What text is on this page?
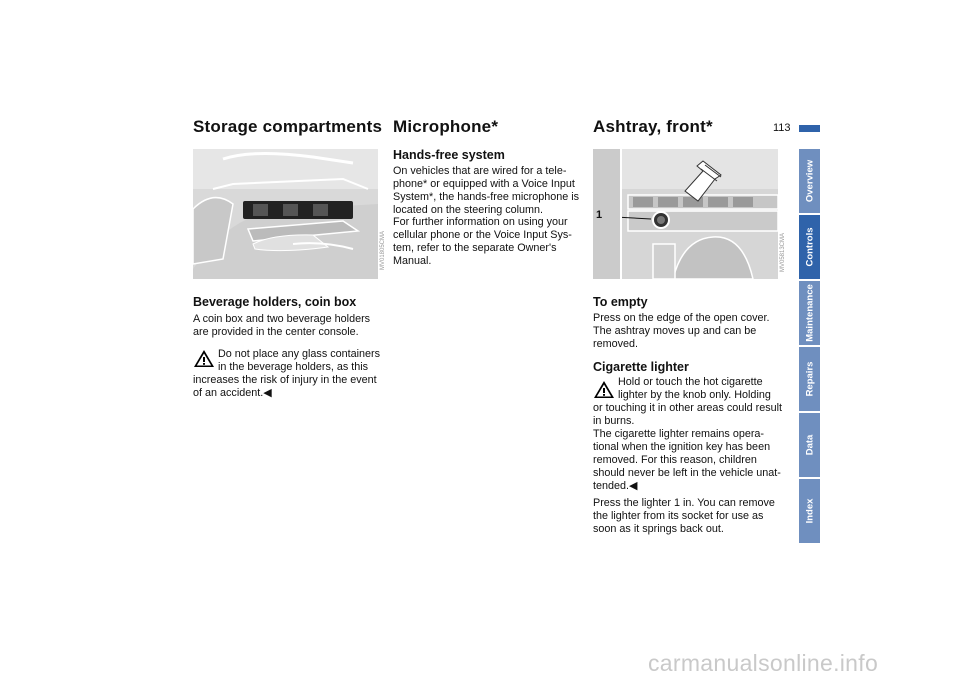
113
Storage compartments
MV01805CMA
Beverage holders, coin box

A coin box and two beverage holders

are provided in the center console.

Do not place any glass containers

in the beverage holders, as this

increases the risk of injury in the event

of an accident.◀

Microphone*
Hands-free system

On vehicles that are wired for a tele-

phone* or equipped with a Voice Input

System*, the hands-free microphone is

located on the steering column.

For further information on using your

cellular phone or the Voice Input Sys-

tem, refer to the separate Owner's

Manual.

Ashtray, front*
1
MV05813CMA
To empty

Press on the edge of the open cover.

The ashtray moves up and can be

removed.

Cigarette lighter

Hold or touch the hot cigarette

lighter by the knob only. Holding

or touching it in other areas could result

in burns.

The cigarette lighter remains opera-

tional when the ignition key has been

removed. For this reason, children

should never be left in the vehicle unat-

tended.◀

Press the lighter 1 in. You can remove

the lighter from its socket for use as

soon as it springs back out.

Overview
Controls
Maintenance
Repairs
Data
Index
carmanualsonline.info
